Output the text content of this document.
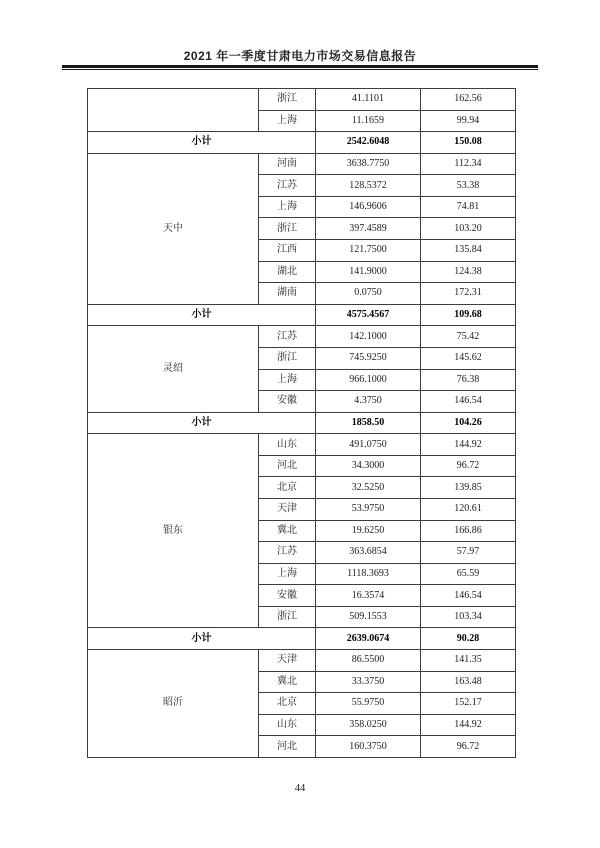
2021 年一季度甘肃电力市场交易信息报告
	浙江	41.1101	162.56
	上海	11.1659	99.94
小计		2542.6048	150.08
天中	河南	3638.7750	112.34
	江苏	128.5372	53.38
	上海	146.9606	74.81
	浙江	397.4589	103.20
	江西	121.7500	135.84
	湖北	141.9000	124.38
	湖南	0.0750	172.31
小计		4575.4567	109.68
灵绍	江苏	142.1000	75.42
	浙江	745.9250	145.62
	上海	966.1000	76.38
	安徽	4.3750	146.54
小计		1858.50	104.26
银东	山东	491.0750	144.92
	河北	34.3000	96.72
	北京	32.5250	139.85
	天津	53.9750	120.61
	冀北	19.6250	166.86
	江苏	363.6854	57.97
	上海	1118.3693	65.59
	安徽	16.3574	146.54
	浙江	509.1553	103.34
小计		2639.0674	90.28
昭沂	天津	86.5500	141.35
	冀北	33.3750	163.48
	北京	55.9750	152.17
	山东	358.0250	144.92
	河北	160.3750	96.72
44
